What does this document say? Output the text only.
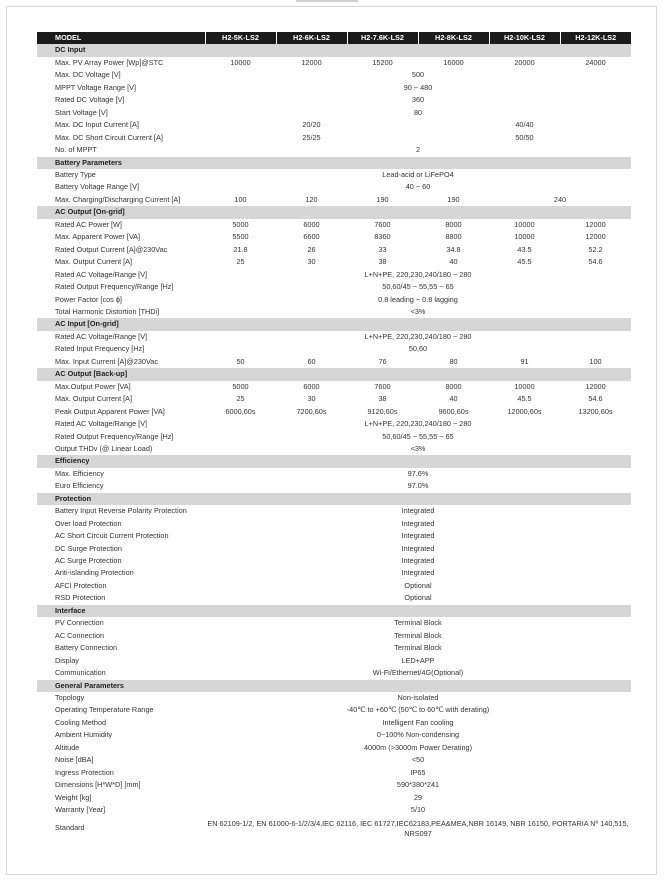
MODEL	H2-5K-LS2	H2-6K-LS2	H2-7.6K-LS2	H2-8K-LS2	H2-10K-LS2	H2-12K-LS2
DC Input						
Max. PV Array Power [Wp]@STC	10000	12000	15200	16000	20000	24000
Max. DC Voltage [V]	500					
MPPT Voltage Range [V]	90 ~ 480					
Rated DC Voltage [V]	360					
Start Voltage [V]	80					
Max. DC Input Current [A]	20/20			40/40		
Max. DC Short Circuit Current [A]	25/25			50/50		
No. of MPPT	2					
Battery Parameters						
Battery Type	Lead-acid or LiFePO4					
Battery Voltage Range [V]	40 ~ 60					
Max. Charging/Discharging Current [A]	100	120	190	190	240	
AC Output [On-grid]						
Rated AC Power [W]	5000	6000	7600	8000	10000	12000
Max. Apparent Power [VA]	5500	6600	8360	8800	10000	12000
Rated Output Current [A]@230Vac	21.8	26	33	34.8	43.5	52.2
Max. Output Current [A]	25	30	38	40	45.5	54.6
Rated AC Voltage/Range [V]	L+N+PE, 220,230,240/180 ~ 280					
Rated Output Frequency/Range [Hz]	50,60/45 ~ 55,55 ~ 65					
Power Factor [cos ϕ]	0.8 leading ~ 0.8 lagging					
Total Harmonic Distortion [THDi]	<3%					
AC Input [On-grid]						
Rated AC Voltage/Range [V]	L+N+PE, 220,230,240/180 ~ 280					
Rated Input Frequency [Hz]	50,60					
Max. Input Current [A]@230Vac	50	60	76	80	91	100
AC Output [Back-up]						
Max.Output Power [VA]	5000	6000	7600	8000	10000	12000
Max. Output Current [A]	25	30	38	40	45.5	54.6
Peak Output Apparent Power [VA]	6000,60s	7200,60s	9120,60s	9600,60s	12000,60s	13200,60s
Rated AC Voltage/Range [V]	L+N+PE, 220,230,240/180 ~ 280					
Rated Output Frequency/Range [Hz]	50,60/45 ~ 55,55 ~ 65					
Output THDv (@ Linear Load)	<3%					
Efficiency						
Max. Efficiency	97.6%					
Euro Efficiency	97.0%					
Protection						
Battery Input Reverse Polarity Protection	Integrated					
Over load Protection	Integrated					
AC Short Circuit Current Protection	Integrated					
DC Surge Protection	Integrated					
AC Surge Protection	Integrated					
Anti-islanding Protection	Integrated					
AFCI Protection	Optional					
RSD Protection	Optional					
Interface						
PV Connection	Terminal Block					
AC Connection	Terminal Block					
Battery Connection	Terminal Block					
Display	LED+APP					
Communication	Wi-Fi/Ethernet/4G(Optional)					
General Parameters						
Topology	Non-isolated					
Operating Temperature Range	-40℃ to +60℃ (50℃ to 60℃ with derating)					
Cooling Method	Intelligent Fan cooling					
Ambient Humidity	0~100% Non-condensing					
Altitude	4000m (>3000m Power Derating)					
Noise [dBA]	<50					
Ingress Protection	IP65					
Dimensions [H*W*D] [mm]	590*380*241					
Weight [kg]	29					
Warranty [Year]	5/10					
Standard	EN 62109-1/2, EN 61000-6-1/2/3/4,IEC 62116, IEC 61727,IEC62183,PEA&MEA,NBR 16149, NBR 16150, PORTARIA Nº 140,515, NRS097					
